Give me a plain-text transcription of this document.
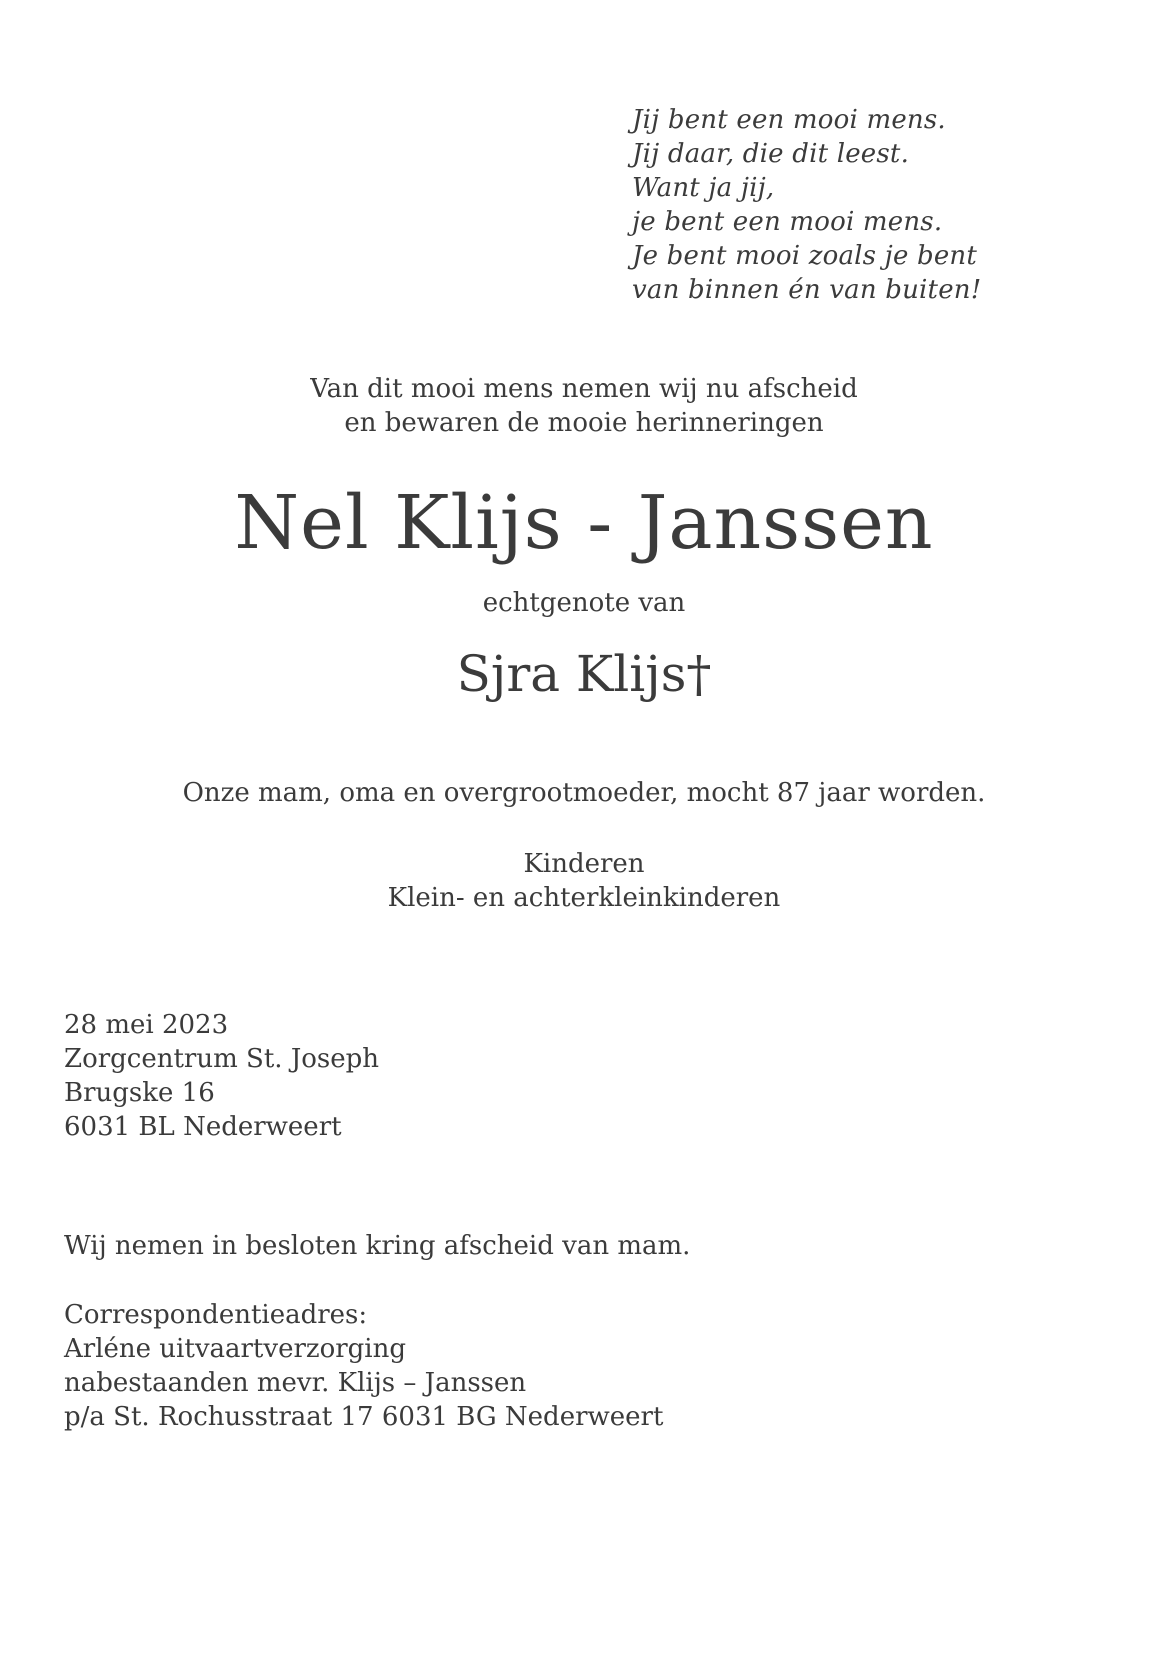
Jij bent een mooi mens.
Jij daar, die dit leest.
Want ja jij,
je bent een mooi mens.
Je bent mooi zoals je bent
van binnen én van buiten!
Van dit mooi mens nemen wij nu afscheid
en bewaren de mooie herinneringen
Nel Klijs - Janssen
echtgenote van
Sjra Klijs†
Onze mam, oma en overgrootmoeder, mocht 87 jaar worden.
Kinderen
Klein- en achterkleinkinderen
28 mei 2023
Zorgcentrum St. Joseph
Brugske 16
6031 BL Nederweert
Wij nemen in besloten kring afscheid van mam.
Correspondentieadres:
Arléne uitvaartverzorging
nabestaanden mevr. Klijs – Janssen
p/a St. Rochusstraat 17 6031 BG Nederweert
